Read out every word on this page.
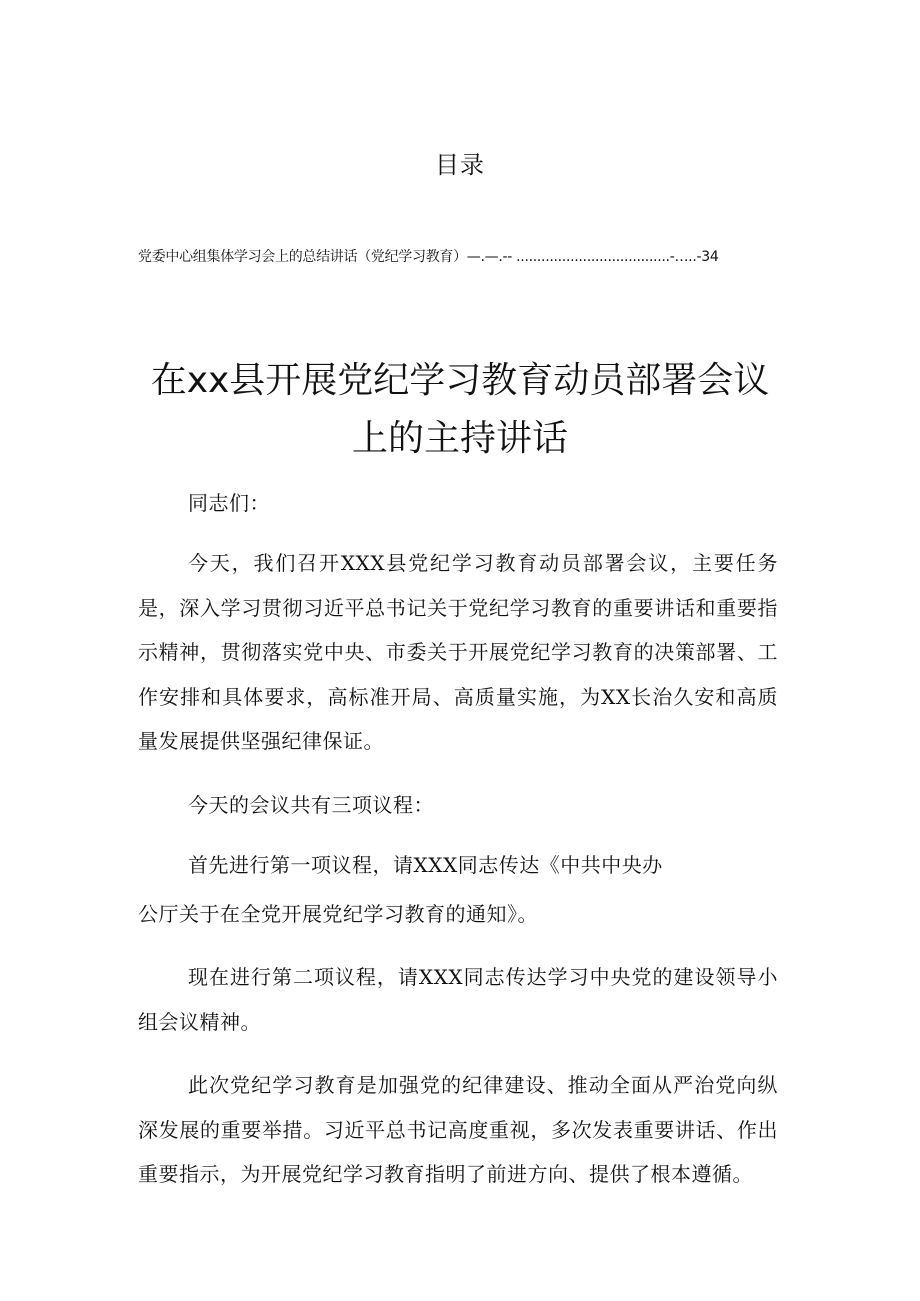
目录
党委中心组集体学习会上的总结讲话（党纪学习教育）—.—.-- .....................................-…..-34
在xx县开展党纪学习教育动员部署会议
上的主持讲话

同志们：

今天，我们召开XXX县党纪学习教育动员部署会议，主要任务是，深入学习贯彻习近平总书记关于党纪学习教育的重要讲话和重要指示精神，贯彻落实党中央、市委关于开展党纪学习教育的决策部署、工作安排和具体要求，高标准开局、高质量实施，为XX长治久安和高质量发展提供坚强纪律保证。

今天的会议共有三项议程：

首先进行第一项议程，请XXX同志传达《中共中央办

公厅关于在全党开展党纪学习教育的通知》。

现在进行第二项议程，请XXX同志传达学习中央党的建设领导小组会议精神。

此次党纪学习教育是加强党的纪律建设、推动全面从严治党向纵深发展的重要举措。习近平总书记高度重视，多次发表重要讲话、作出重要指示，为开展党纪学习教育指明了前进方向、提供了根本遵循。
